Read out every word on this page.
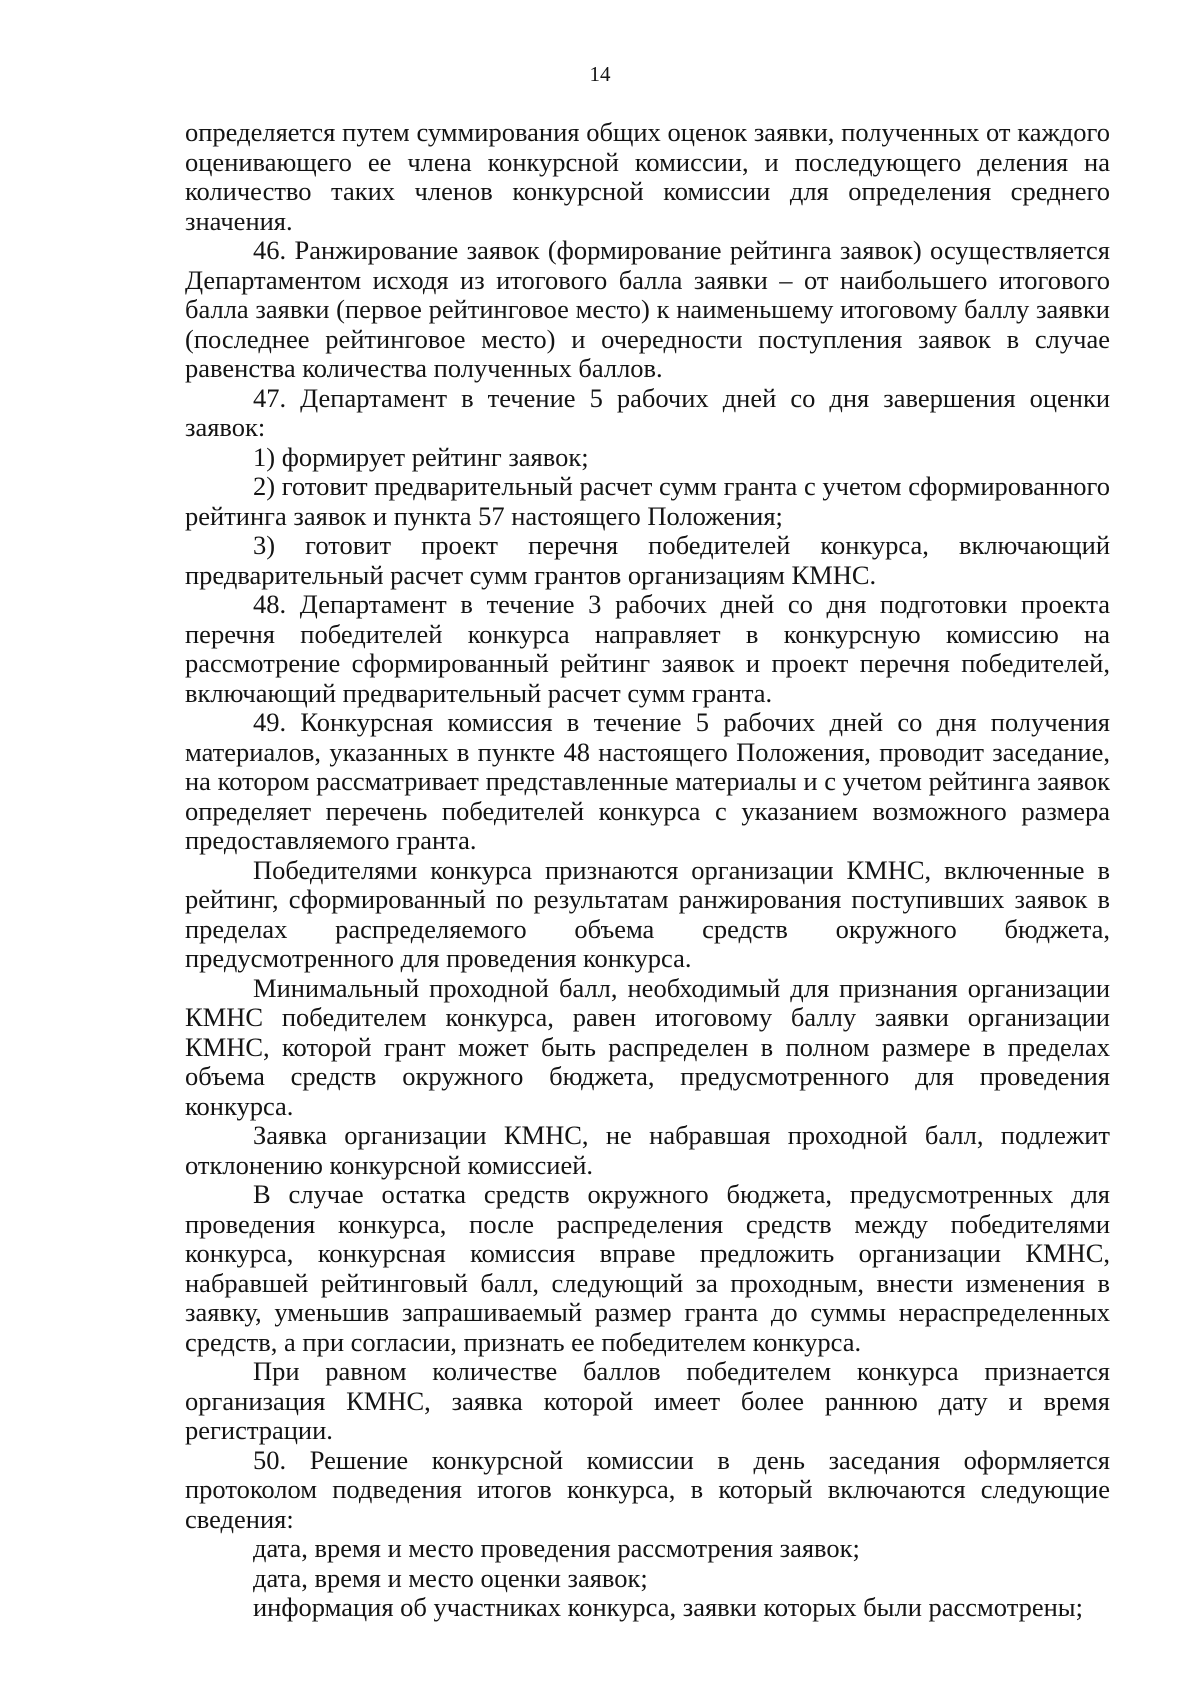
14

определяется путем суммирования общих оценок заявки, полученных от каждого оценивающего ее члена конкурсной комиссии, и последующего деления на количество таких членов конкурсной комиссии для определения среднего значения.

46. Ранжирование заявок (формирование рейтинга заявок) осуществляется Департаментом исходя из итогового балла заявки – от наибольшего итогового балла заявки (первое рейтинговое место) к наименьшему итоговому баллу заявки (последнее рейтинговое место) и очередности поступления заявок в случае равенства количества полученных баллов.

47. Департамент в течение 5 рабочих дней со дня завершения оценки заявок:

1) формирует рейтинг заявок;

2) готовит предварительный расчет сумм гранта с учетом сформированного рейтинга заявок и пункта 57 настоящего Положения;

3) готовит проект перечня победителей конкурса, включающий предварительный расчет сумм грантов организациям КМНС.

48. Департамент в течение 3 рабочих дней со дня подготовки проекта перечня победителей конкурса направляет в конкурсную комиссию на рассмотрение сформированный рейтинг заявок и проект перечня победителей, включающий предварительный расчет сумм гранта.

49. Конкурсная комиссия в течение 5 рабочих дней со дня получения материалов, указанных в пункте 48 настоящего Положения, проводит заседание, на котором рассматривает представленные материалы и с учетом рейтинга заявок определяет перечень победителей конкурса с указанием возможного размера предоставляемого гранта.

Победителями конкурса признаются организации КМНС, включенные в рейтинг, сформированный по результатам ранжирования поступивших заявок в пределах распределяемого объема средств окружного бюджета, предусмотренного для проведения конкурса.

Минимальный проходной балл, необходимый для признания организации КМНС победителем конкурса, равен итоговому баллу заявки организации КМНС, которой грант может быть распределен в полном размере в пределах объема средств окружного бюджета, предусмотренного для проведения конкурса.

Заявка организации КМНС, не набравшая проходной балл, подлежит отклонению конкурсной комиссией.

В случае остатка средств окружного бюджета, предусмотренных для проведения конкурса, после распределения средств между победителями конкурса, конкурсная комиссия вправе предложить организации КМНС, набравшей рейтинговый балл, следующий за проходным, внести изменения в заявку, уменьшив запрашиваемый размер гранта до суммы нераспределенных средств, а при согласии, признать ее победителем конкурса.

При равном количестве баллов победителем конкурса признается организация КМНС, заявка которой имеет более раннюю дату и время регистрации.

50. Решение конкурсной комиссии в день заседания оформляется протоколом подведения итогов конкурса, в который включаются следующие сведения:

дата, время и место проведения рассмотрения заявок;

дата, время и место оценки заявок;

информация об участниках конкурса, заявки которых были рассмотрены;
